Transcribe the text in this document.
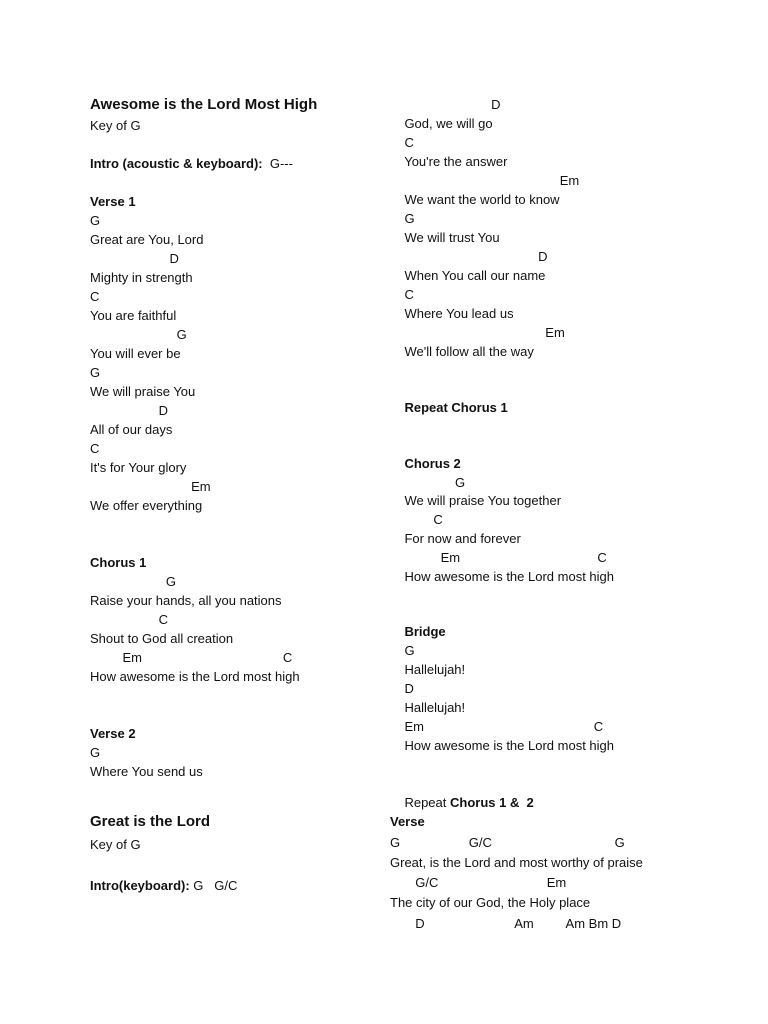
Awesome is the Lord Most High

Key of G

Intro (acoustic & keyboard):  G---

Verse 1

G

Great are You, Lord

D

Mighty in strength

C

You are faithful

G

You will ever be

G

We will praise You

D

All of our days

C

It's for Your glory

Em

We offer everything

Chorus 1

G

Raise your hands, all you nations

C

Shout to God all creation

Em                                       C

How awesome is the Lord most high

Verse 2

G

Where You send us

Great is the Lord

Key of G

Intro(keyboard): G   G/C

D

God, we will go

C

You're the answer

Em

We want the world to know

G

We will trust You

D

When You call our name

C

Where You lead us

Em

We'll follow all the way

Repeat Chorus 1

Chorus 2

G

We will praise You together

C

For now and forever

Em                                      C

How awesome is the Lord most high

Bridge

G

Hallelujah!

D

Hallelujah!

Em                                               C

How awesome is the Lord most high

Repeat Chorus 1 &  2

Verse

G                   G/C                                  G

Great, is the Lord and most worthy of praise

G/C                              Em

The city of our God, the Holy place

D                         Am         Am Bm D
